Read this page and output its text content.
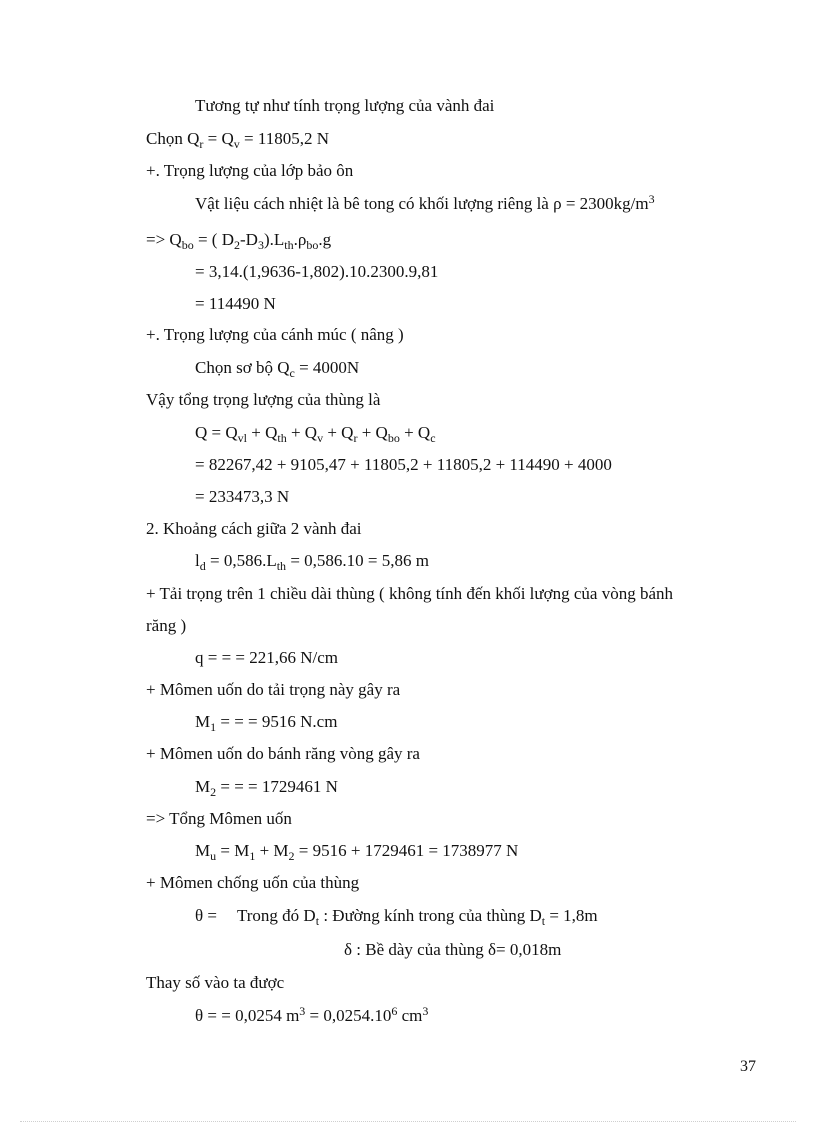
Tương tự như tính trọng lượng của vành đai
Chọn $Q_r = Q_v = 11805,2$ N
+. Trọng lượng của lớp bảo ôn
Vật liệu cách nhiệt là bê tong có khối lượng riêng là $\rho = 2300kg/m^3$
=> $Q_{bo}$ = ( $D_2-D_3).L_{th}.\rho_{bo}.g$
= 3,14.(1,9636-1,802).10.2300.9,81
= 114490 N
+. Trọng lượng của cánh múc ( nâng )
Chọn sơ bộ $Q_c = 4000N$
Vậy tổng trọng lượng của thùng là
$Q = Q_{vl} + Q_{th} + Q_v + Q_r + Q_{bo} + Q_c$
= 82267,42 + 9105,47 + 11805,2 + 11805,2 + 114490 + 4000
= 233473,3 N
2. Khoảng cách giữa 2 vành đai
$l_d = 0,586.L_{th} = 0,586.10 = 5,86$ m
+ Tải trọng trên 1 chiều dài thùng ( không tính đến khối lượng của vòng bánh
răng )
q = = = 221,66 N/cm
+ Mômen uốn do tải trọng này gây ra
$M_1$ = = = 9516 N.cm
+ Mômen uốn do bánh răng vòng gây ra
$M_2$ = = = 1729461 N
=> Tổng Mômen uốn
$M_u = M_1 + M_2 = 9516 + 1729461 = 1738977$ N
+ Mômen chống uốn của thùng
θ = Trong đó $D_t$ : Đường kính trong của thùng $D_t = 1,8m$
δ : Bề dày của thùng δ= 0,018m
Thay số vào ta được
θ = = 0,0254 $m^3 = 0,0254.10^6$ $cm^3$
37
